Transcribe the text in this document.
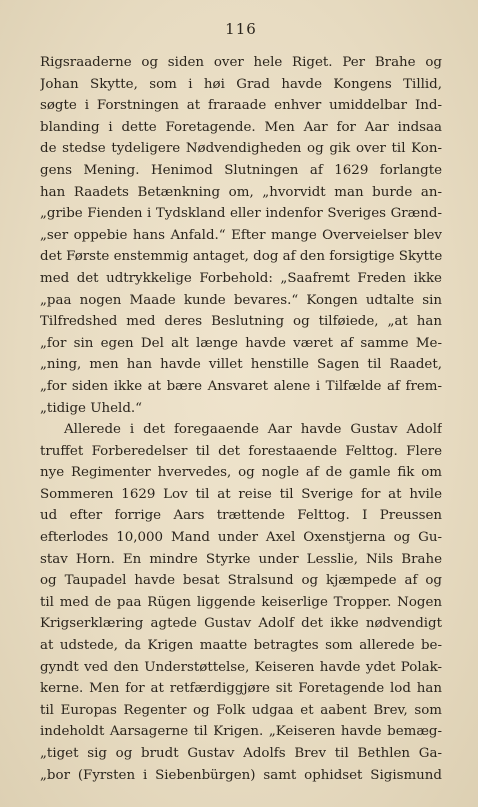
116
Rigsraaderne og siden over hele Riget. Per Brahe og
Johan Skytte, som i høi Grad havde Kongens Tillid,
søgte i Forstningen at fraraade enhver umiddelbar Ind-
blanding i dette Foretagende. Men Aar for Aar indsaa
de stedse tydeligere Nødvendigheden og gik over til Kon-
gens Mening. Henimod Slutningen af 1629 forlangte
han Raadets Betænkning om, „hvorvidt man burde an-
„gribe Fienden i Tydskland eller indenfor Sveriges Grænd-
„ser oppebie hans Anfald.“ Efter mange Overveielser blev
det Første enstemmig antaget, dog af den forsigtige Skytte
med det udtrykkelige Forbehold: „Saafremt Freden ikke
„paa nogen Maade kunde bevares.“ Kongen udtalte sin
Tilfredshed med deres Beslutning og tilføiede, „at han
„for sin egen Del alt længe havde været af samme Me-
„ning, men han havde villet henstille Sagen til Raadet,
„for siden ikke at bære Ansvaret alene i Tilfælde af frem-
„tidige Uheld.“
Allerede i det foregaaende Aar havde Gustav Adolf
truffet Forberedelser til det forestaaende Felttog. Flere
nye Regimenter hvervedes, og nogle af de gamle fik om
Sommeren 1629 Lov til at reise til Sverige for at hvile
ud efter forrige Aars trættende Felttog. I Preussen
efterlodes 10,000 Mand under Axel Oxenstjerna og Gu-
stav Horn. En mindre Styrke under Lesslie, Nils Brahe
og Taupadel havde besat Stralsund og kjæmpede af og
til med de paa Rügen liggende keiserlige Tropper. Nogen
Krigserklæring agtede Gustav Adolf det ikke nødvendigt
at udstede, da Krigen maatte betragtes som allerede be-
gyndt ved den Understøttelse, Keiseren havde ydet Polak-
kerne. Men for at retfærdiggjøre sit Foretagende lod han
til Europas Regenter og Folk udgaa et aabent Brev, som
indeholdt Aarsagerne til Krigen. „Keiseren havde bemæg-
„tiget sig og brudt Gustav Adolfs Brev til Bethlen Ga-
„bor (Fyrsten i Siebenbürgen) samt ophidset Sigismund
